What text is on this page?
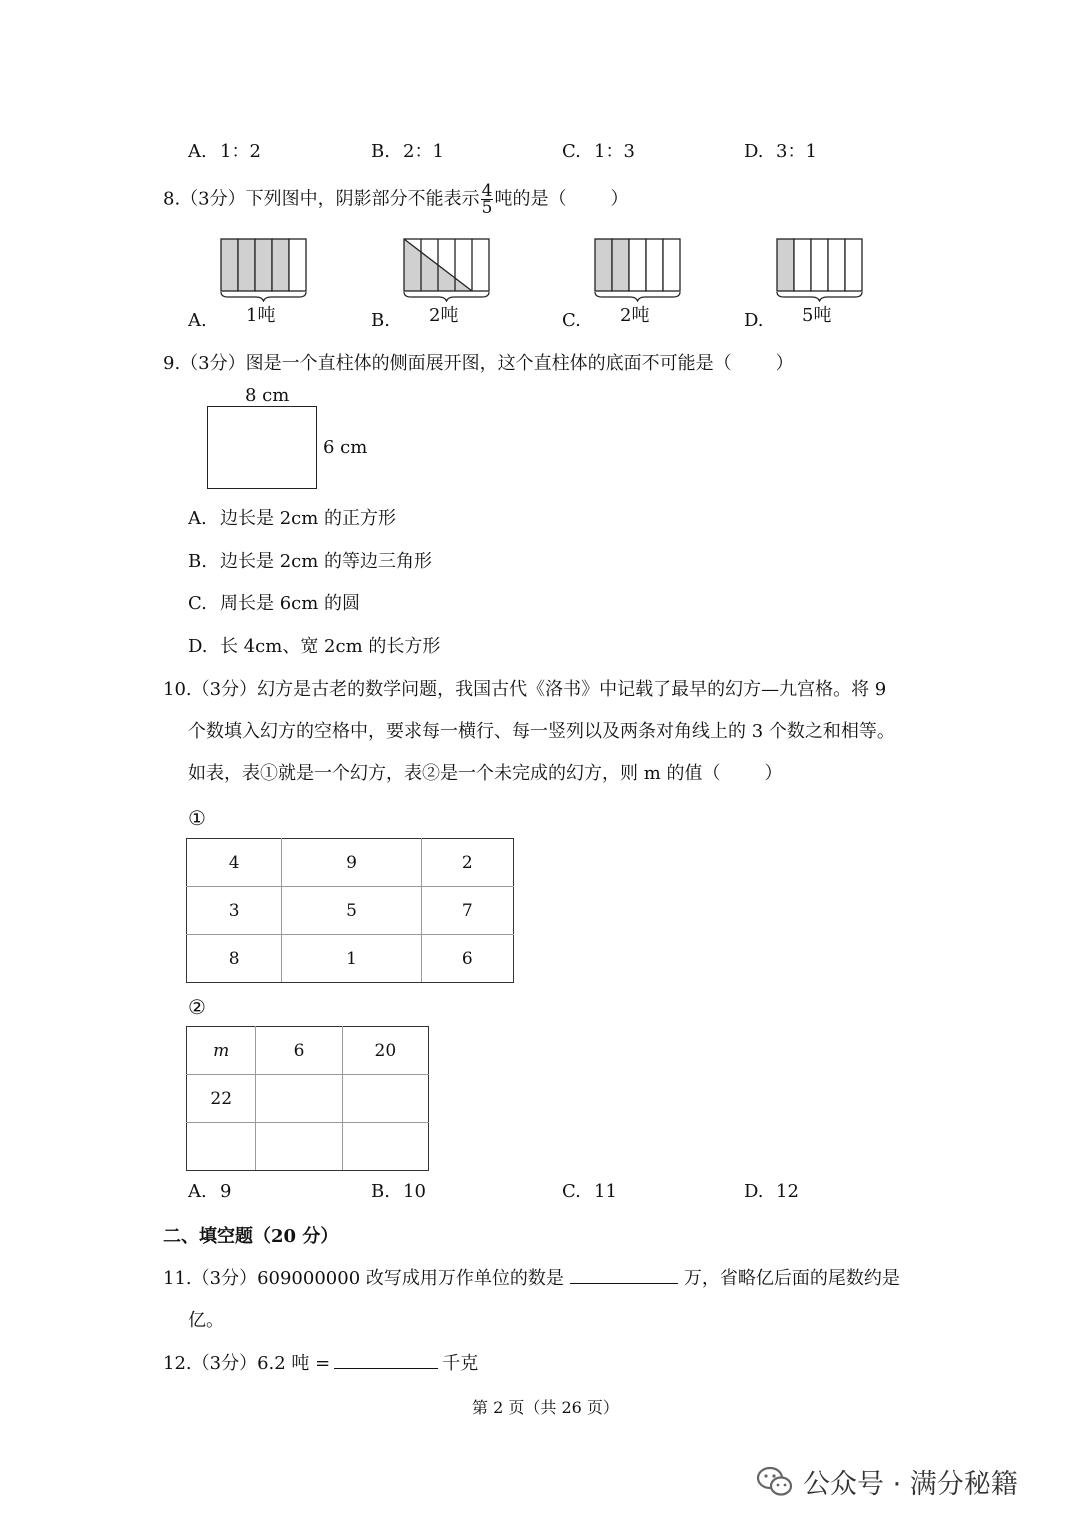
A. 1：2	B. 2：1	C. 1：3	D. 3：1
8.（3分）下列图中，阴影部分不能表示 $\frac{4}{5}$ 吨的是（ ）
A. 1吨	B. 2吨	C. 2吨	D. 5吨
9.（3分）图是一个直柱体的侧面展开图，这个直柱体的底面不可能是（ ）
8 cm
6 cm
A. 边长是 2cm 的正方形
B. 边长是 2cm 的等边三角形
C. 周长是 6cm 的圆
D. 长 4cm、宽 2cm 的长方形
10.（3分）幻方是古老的数学问题，我国古代《洛书》中记载了最早的幻方—九宫格。将 9
个数填入幻方的空格中，要求每一横行、每一竖列以及两条对角线上的 3 个数之和相等。
如表，表①就是一个幻方，表②是一个未完成的幻方，则 m 的值（ ）
①
4	9	2
3	5	7
8	1	6
②
m	6	20
22		

A. 9	B. 10	C. 11	D. 12
二、填空题（20 分）
11.（3分）609000000 改写成用万作单位的数是	万，省略亿后面的尾数约是
亿。
12.（3分）6.2 吨 =	千克
第 2 页（共 26 页）
公众号 · 满分秘籍
